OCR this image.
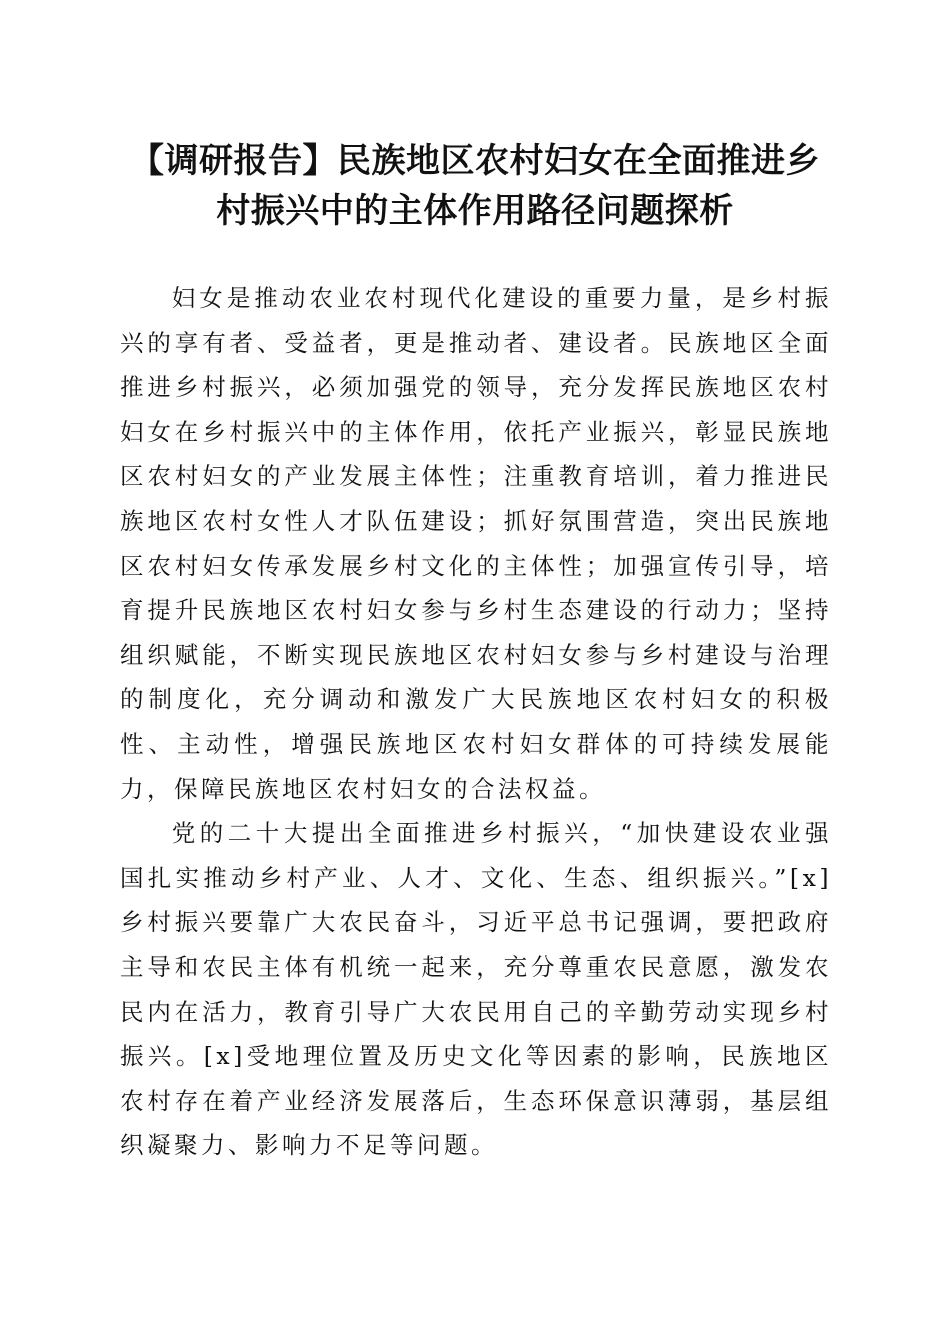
【调研报告】民族地区农村妇女在全面推进乡
村振兴中的主体作用路径问题探析

妇女是推动农业农村现代化建设的重要力量，是乡村振兴的享有者、受益者，更是推动者、建设者。民族地区全面推进乡村振兴，必须加强党的领导，充分发挥民族地区农村妇女在乡村振兴中的主体作用，依托产业振兴，彰显民族地区农村妇女的产业发展主体性；注重教育培训，着力推进民族地区农村女性人才队伍建设；抓好氛围营造，突出民族地区农村妇女传承发展乡村文化的主体性；加强宣传引导，培育提升民族地区农村妇女参与乡村生态建设的行动力；坚持组织赋能，不断实现民族地区农村妇女参与乡村建设与治理的制度化，充分调动和激发广大民族地区农村妇女的积极性、主动性，增强民族地区农村妇女群体的可持续发展能力，保障民族地区农村妇女的合法权益。

党的二十大提出全面推进乡村振兴，“加快建设农业强国扎实推动乡村产业、人才、文化、生态、组织振兴。”[x]乡村振兴要靠广大农民奋斗，习近平总书记强调，要把政府主导和农民主体有机统一起来，充分尊重农民意愿，激发农民内在活力，教育引导广大农民用自己的辛勤劳动实现乡村振兴。[x]受地理位置及历史文化等因素的影响，民族地区农村存在着产业经济发展落后，生态环保意识薄弱，基层组织凝聚力、影响力不足等问题。
